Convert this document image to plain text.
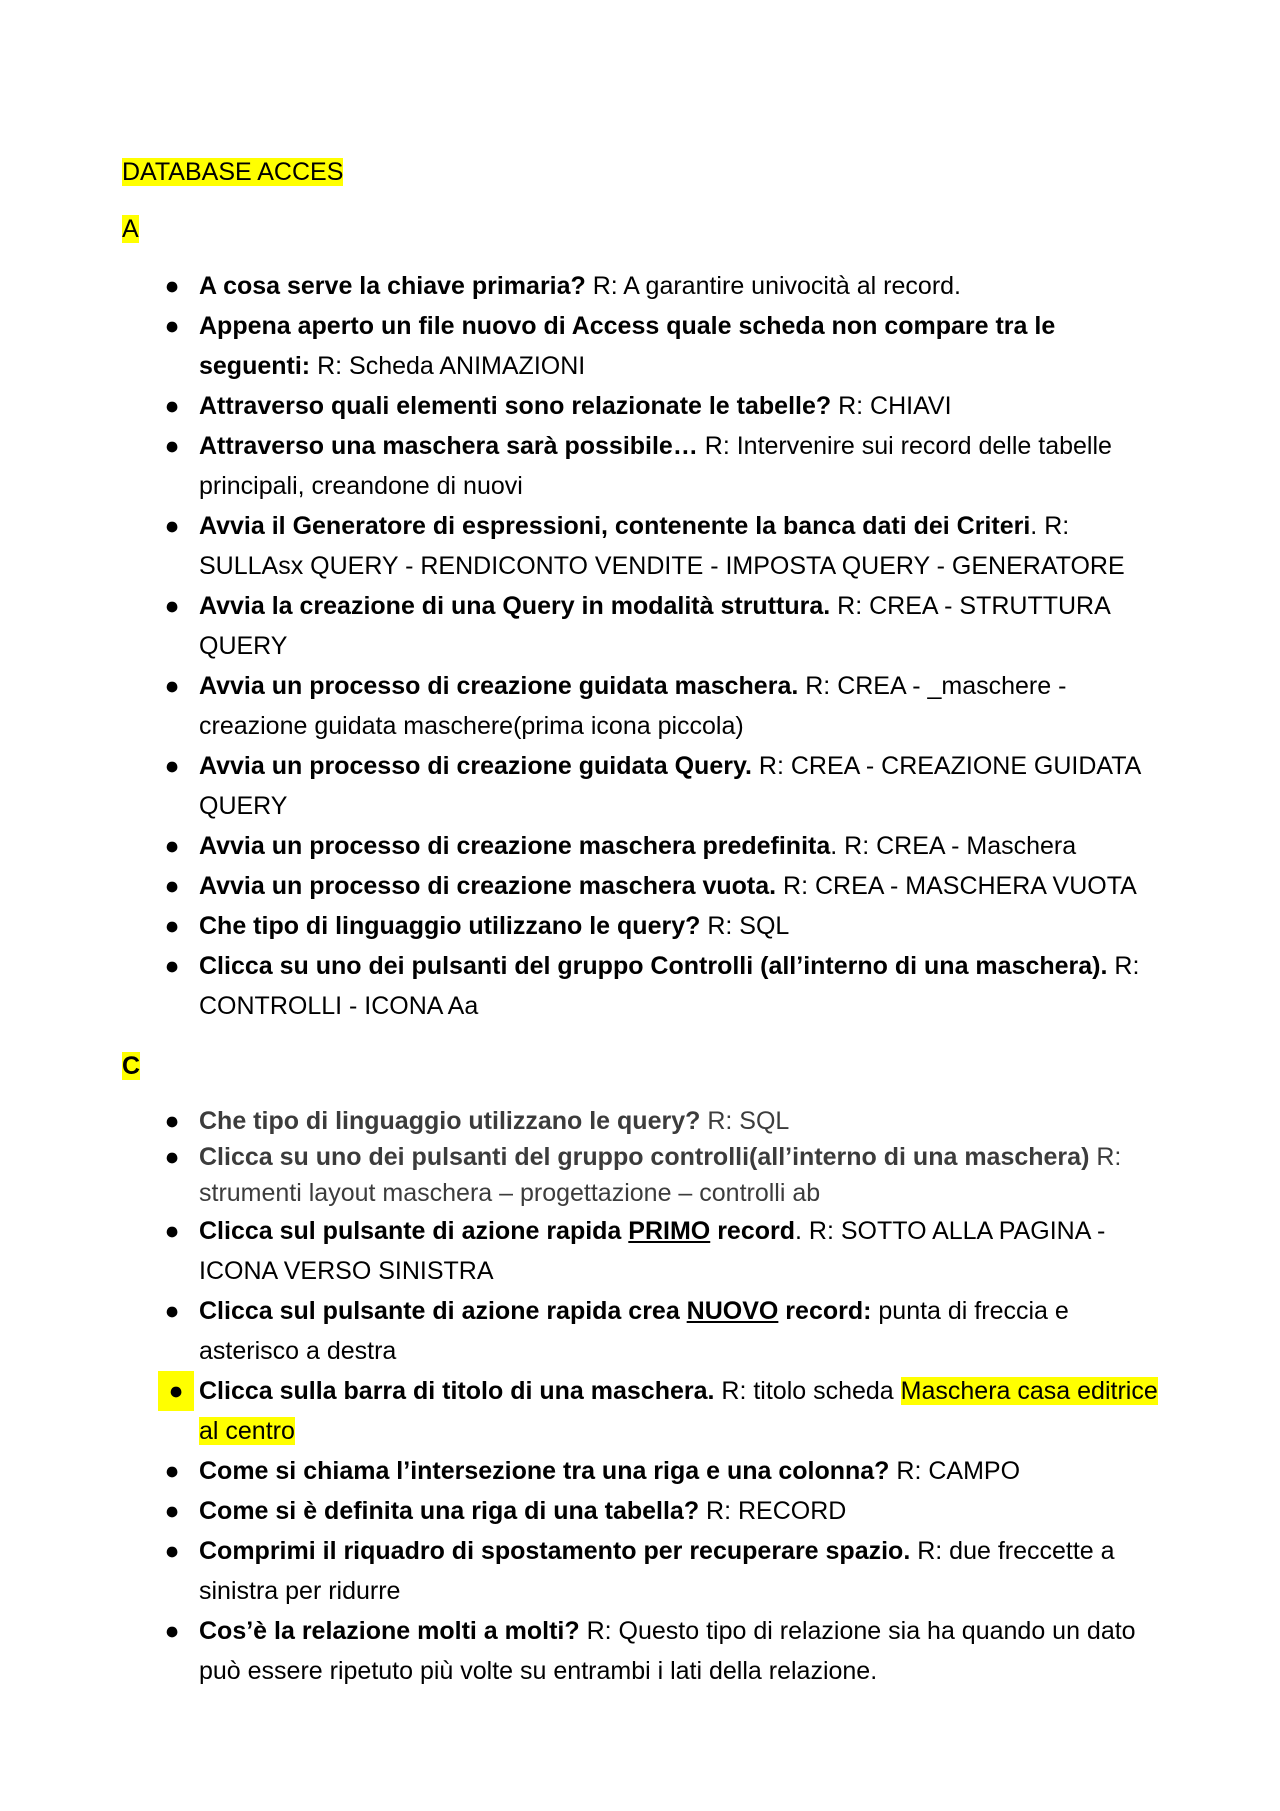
DATABASE ACCES
A
● A cosa serve la chiave primaria? R: A garantire univocità al record.
● Appena aperto un file nuovo di Access quale scheda non compare tra le seguenti: R: Scheda ANIMAZIONI
● Attraverso quali elementi sono relazionate le tabelle? R: CHIAVI
● Attraverso una maschera sarà possibile… R: Intervenire sui record delle tabelle principali, creandone di nuovi
● Avvia il Generatore di espressioni, contenente la banca dati dei Criteri. R: SULLAsx QUERY - RENDICONTO VENDITE - IMPOSTA QUERY - GENERATORE
● Avvia la creazione di una Query in modalità struttura. R: CREA - STRUTTURA QUERY
● Avvia un processo di creazione guidata maschera. R: CREA - _maschere - creazione guidata maschere(prima icona piccola)
● Avvia un processo di creazione guidata Query. R: CREA - CREAZIONE GUIDATA QUERY
● Avvia un processo di creazione maschera predefinita. R: CREA - Maschera
● Avvia un processo di creazione maschera vuota. R: CREA - MASCHERA VUOTA
● Che tipo di linguaggio utilizzano le query? R: SQL
● Clicca su uno dei pulsanti del gruppo Controlli (all’interno di una maschera). R: CONTROLLI - ICONA Aa
C
● Che tipo di linguaggio utilizzano le query? R: SQL
● Clicca su uno dei pulsanti del gruppo controlli(all’interno di una maschera) R: strumenti layout maschera – progettazione – controlli ab
● Clicca sul pulsante di azione rapida PRIMO record. R: SOTTO ALLA PAGINA - ICONA VERSO SINISTRA
● Clicca sul pulsante di azione rapida crea NUOVO record: punta di freccia e asterisco a destra
● Clicca sulla barra di titolo di una maschera. R: titolo scheda Maschera casa editrice al centro
● Come si chiama l’intersezione tra una riga e una colonna? R: CAMPO
● Come si è definita una riga di una tabella? R: RECORD
● Comprimi il riquadro di spostamento per recuperare spazio. R: due freccette a sinistra per ridurre
● Cos’è la relazione molti a molti? R: Questo tipo di relazione sia ha quando un dato può essere ripetuto più volte su entrambi i lati della relazione.
